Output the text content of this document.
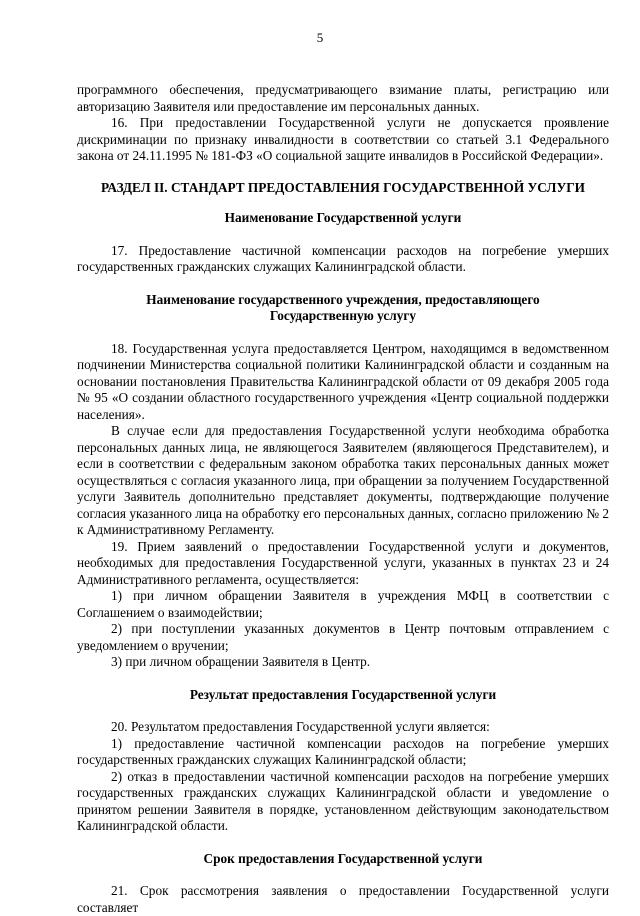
5

программного обеспечения, предусматривающего взимание платы, регистрацию или авторизацию Заявителя или предоставление им персональных данных.

16. При предоставлении Государственной услуги не допускается проявление дискриминации по признаку инвалидности в соответствии со статьей 3.1 Федерального закона от 24.11.1995 № 181-ФЗ «О социальной защите инвалидов в Российской Федерации».

РАЗДЕЛ II. СТАНДАРТ ПРЕДОСТАВЛЕНИЯ ГОСУДАРСТВЕННОЙ УСЛУГИ

Наименование Государственной услуги

17. Предоставление частичной компенсации расходов на погребение умерших государственных гражданских служащих Калининградской области.

Наименование государственного учреждения, предоставляющего

Государственную услугу

18. Государственная услуга предоставляется Центром, находящимся в ведомственном подчинении Министерства социальной политики Калининградской области и созданным на основании постановления Правительства Калининградской области от 09 декабря 2005 года № 95 «О создании областного государственного учреждения «Центр социальной поддержки населения».

В случае если для предоставления Государственной услуги необходима обработка персональных данных лица, не являющегося Заявителем (являющегося Представителем), и если в соответствии с федеральным законом обработка таких персональных данных может осуществляться с согласия указанного лица, при обращении за получением Государственной услуги Заявитель дополнительно представляет документы, подтверждающие получение согласия указанного лица на обработку его персональных данных, согласно приложению № 2 к Административному Регламенту.

19. Прием заявлений о предоставлении Государственной услуги и документов, необходимых для предоставления Государственной услуги, указанных в пунктах 23 и 24 Административного регламента, осуществляется:

1) при личном обращении Заявителя в учреждения МФЦ в соответствии с Соглашением о взаимодействии;

2) при поступлении указанных документов в Центр почтовым отправлением с уведомлением о вручении;

3) при личном обращении Заявителя в Центр.

Результат предоставления Государственной услуги

20. Результатом предоставления Государственной услуги является:

1) предоставление частичной компенсации расходов на погребение умерших государственных гражданских служащих Калининградской области;

2) отказ в предоставлении частичной компенсации расходов на погребение умерших государственных гражданских служащих Калининградской области и уведомление о принятом решении Заявителя в порядке, установленном действующим законодательством Калининградской области.

Срок предоставления Государственной услуги

21. Срок рассмотрения заявления о предоставлении Государственной услуги составляет
